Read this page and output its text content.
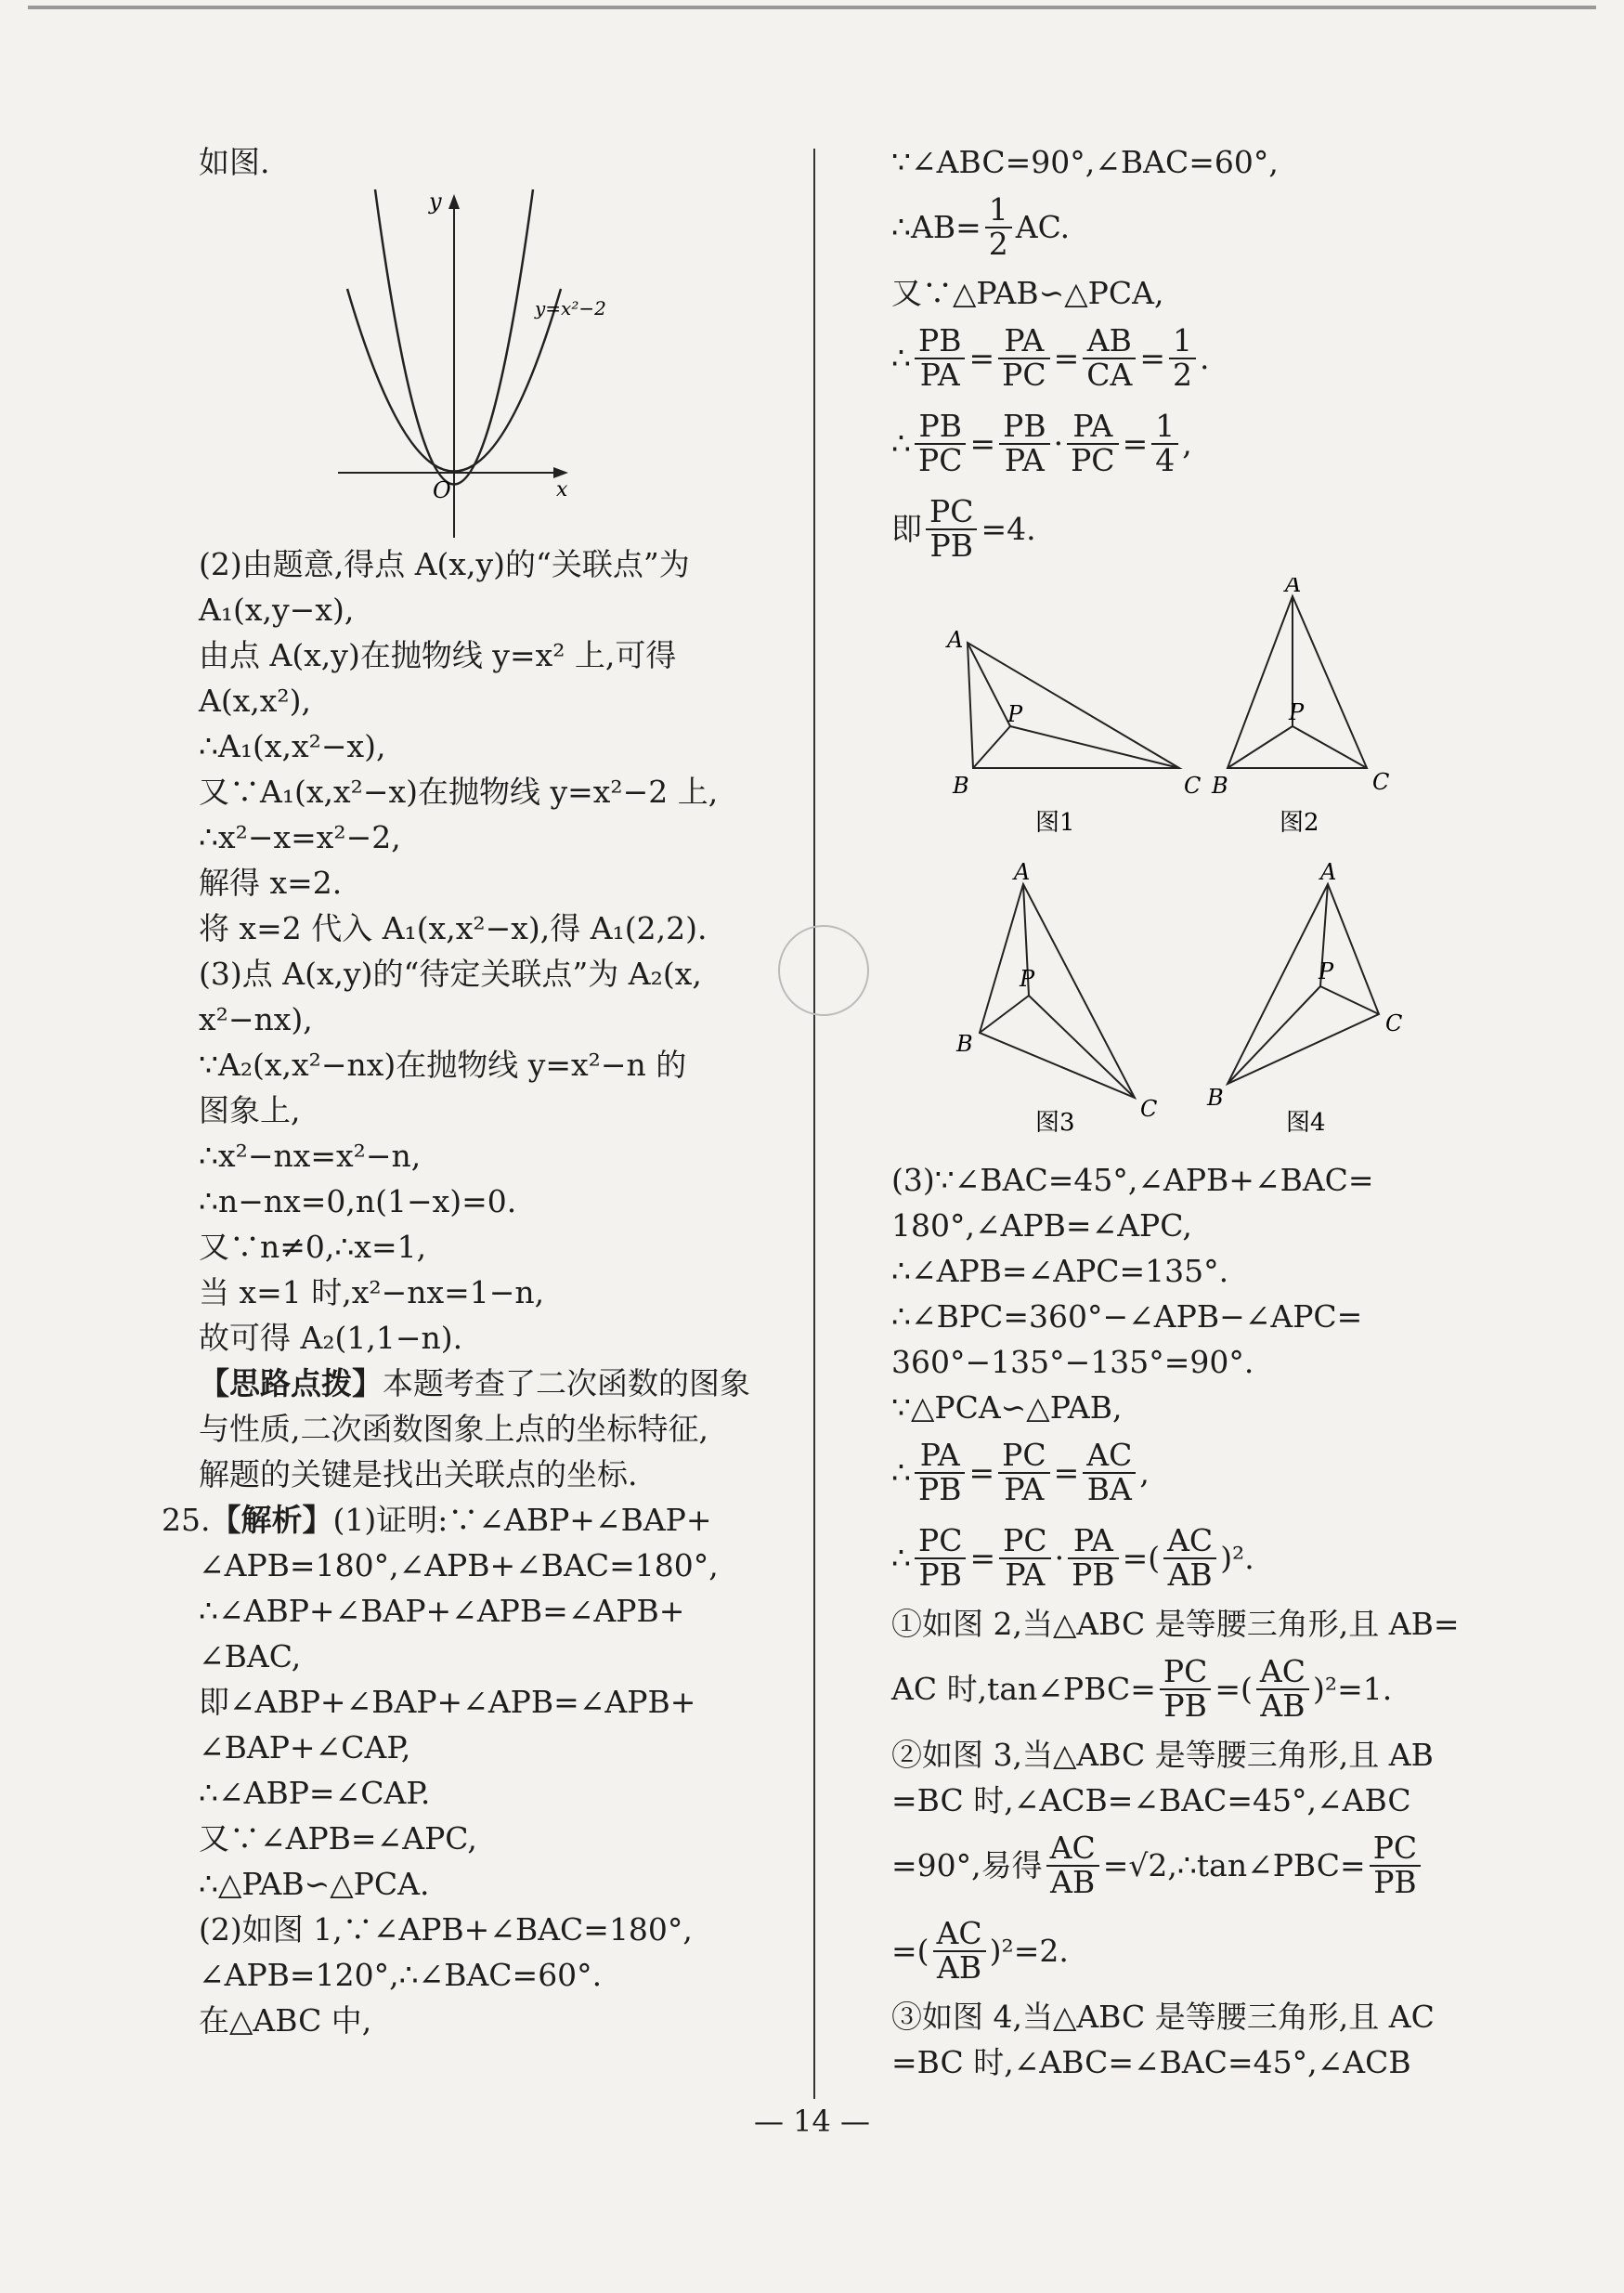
如图.
y
x
O
y=x²−2
(2)由题意,得点 A(x,y)的“关联点”为
A₁(x,y−x),
由点 A(x,y)在抛物线 y=x² 上,可得
A(x,x²),
∴A₁(x,x²−x),
又∵A₁(x,x²−x)在抛物线 y=x²−2 上,
∴x²−x=x²−2,
解得 x=2.
将 x=2 代入 A₁(x,x²−x),得 A₁(2,2).
(3)点 A(x,y)的“待定关联点”为 A₂(x,
x²−nx),
∵A₂(x,x²−nx)在抛物线 y=x²−n 的
图象上,
∴x²−nx=x²−n,
∴n−nx=0,n(1−x)=0.
又∵n≠0,∴x=1,
当 x=1 时,x²−nx=1−n,
故可得 A₂(1,1−n).
【思路点拨】本题考查了二次函数的图象
与性质,二次函数图象上点的坐标特征,
解题的关键是找出关联点的坐标.
25.【解析】(1)证明:∵∠ABP+∠BAP+
∠APB=180°,∠APB+∠BAC=180°,
∴∠ABP+∠BAP+∠APB=∠APB+
∠BAC,
即∠ABP+∠BAP+∠APB=∠APB+
∠BAP+∠CAP,
∴∠ABP=∠CAP.
又∵∠APB=∠APC,
∴△PAB∽△PCA.
(2)如图 1,∵∠APB+∠BAC=180°,
∠APB=120°,∴∠BAC=60°.
在△ABC 中,
∵∠ABC=90°,∠BAC=60°,
∴AB= $\frac{1}{2}$ AC.
又∵△PAB∽△PCA,
∴ $\frac{PB}{PA} = \frac{PA}{PC} = \frac{AB}{CA} = \frac{1}{2}$ .
∴ $\frac{PB}{PC} = \frac{PB}{PA} \cdot \frac{PA}{PC} = \frac{1}{4}$ ,
即 $\frac{PC}{PB} =4$.
A
B	C
P
图1
A
B	C
P
图2
A
B
C
P
图3
A
B
C
P
图4
(3)∵∠BAC=45°,∠APB+∠BAC=
180°,∠APB=∠APC,
∴∠APB=∠APC=135°.
∴∠BPC=360°−∠APB−∠APC=
360°−135°−135°=90°.
∵△PCA∽△PAB,
∴ $\frac{PA}{PB} = \frac{PC}{PA} = \frac{AC}{BA}$ ,
∴ $\frac{PC}{PB} = \frac{PC}{PA} \cdot \frac{PA}{PB}$ =( $\frac{AC}{AB} )^2$.
①如图 2,当△ABC 是等腰三角形,且 AB=
AC 时,tan∠PBC= $\frac{PC}{PB}$ =( $\frac{AC}{AB} )^2=1$.
②如图 3,当△ABC 是等腰三角形,且 AB
=BC 时,∠ACB=∠BAC=45°,∠ABC
=90°,易得 $\frac{AC}{AB}$ =√2,∴tan∠PBC= $\frac{PC}{PB}$
=( $\frac{AC}{AB} )^2=2$.
③如图 4,当△ABC 是等腰三角形,且 AC
=BC 时,∠ABC=∠BAC=45°,∠ACB
— 14 —
